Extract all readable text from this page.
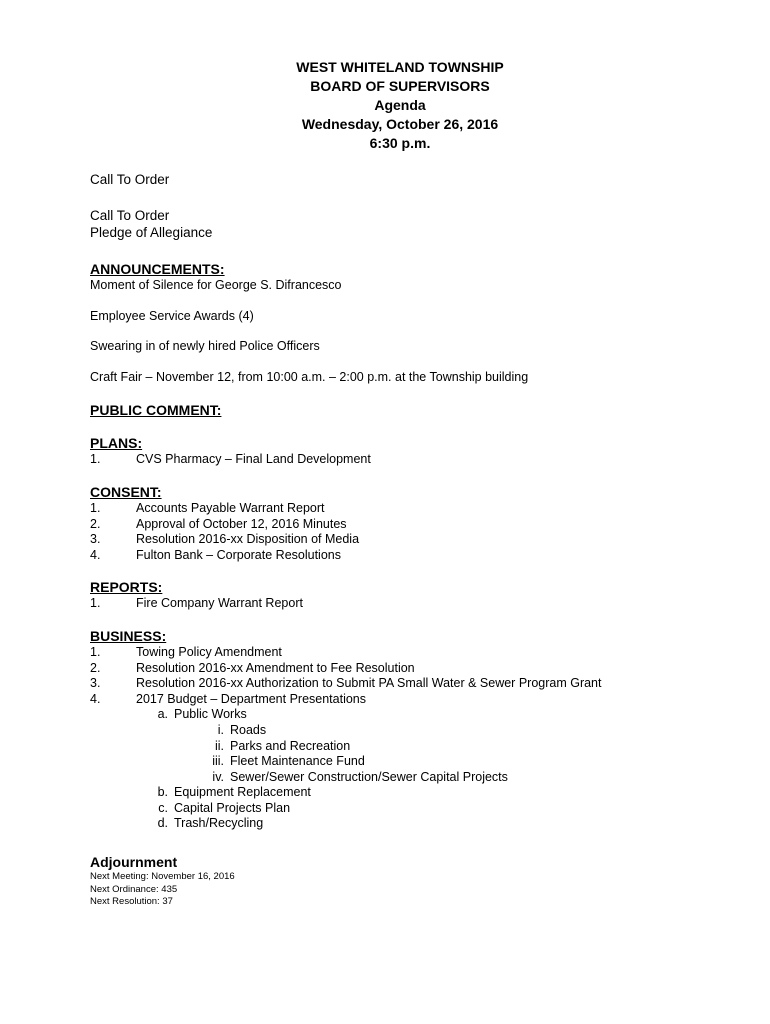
WEST WHITELAND TOWNSHIP
BOARD OF SUPERVISORS
Agenda
Wednesday, October 26, 2016
6:30 p.m.
Call To Order
Call To Order
Pledge of Allegiance
ANNOUNCEMENTS:
Moment of Silence for George S. Difrancesco
Employee Service Awards (4)
Swearing in of newly hired Police Officers
Craft Fair – November 12, from 10:00 a.m. – 2:00 p.m. at the Township building
PUBLIC COMMENT:
PLANS:
1.	CVS Pharmacy – Final Land Development
CONSENT:
1.	Accounts Payable Warrant Report
2.	Approval of October 12, 2016 Minutes
3.	Resolution 2016-xx Disposition of Media
4.	Fulton Bank – Corporate Resolutions
REPORTS:
1.	Fire Company Warrant Report
BUSINESS:
1.	Towing Policy Amendment
2.	Resolution 2016-xx Amendment to Fee Resolution
3.	Resolution 2016-xx Authorization to Submit PA Small Water & Sewer Program Grant
4.	2017 Budget – Department Presentations
a. Public Works
i. Roads
ii. Parks and Recreation
iii. Fleet Maintenance Fund
iv. Sewer/Sewer Construction/Sewer Capital Projects
b. Equipment Replacement
c. Capital Projects Plan
d. Trash/Recycling
Adjournment
Next Meeting: November 16, 2016
Next Ordinance: 435
Next Resolution: 37
